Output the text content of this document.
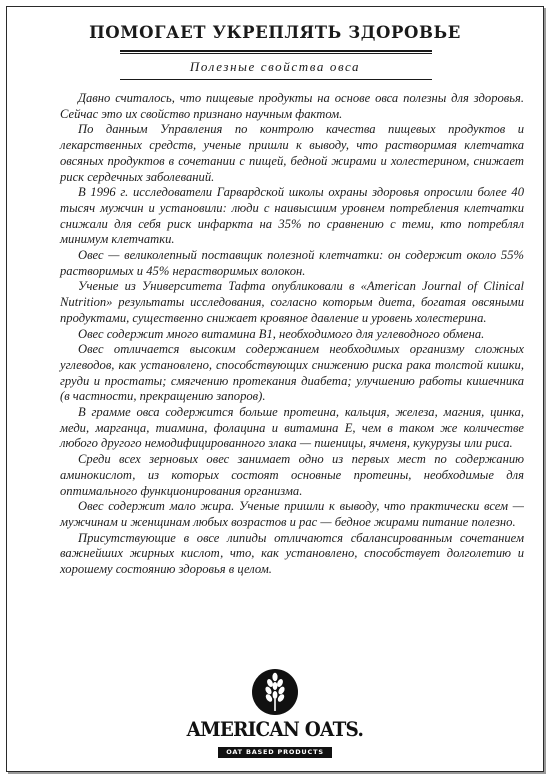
ПОМОГАЕТ УКРЕПЛЯТЬ ЗДОРОВЬЕ
Полезные свойства овса

Давно считалось, что пищевые продукты на основе овса полезны для здоровья. Сейчас это их свойство признано научным фактом.

По данным Управления по контролю качества пищевых продуктов и лекарственных средств, ученые пришли к выводу, что растворимая клетчатка овсяных продуктов в сочетании с пищей, бедной жирами и холестерином, снижает риск сердечных заболеваний.

В 1996 г. исследователи Гарвардской школы охраны здоровья опросили более 40 тысяч мужчин и установили: люди с наивысшим уровнем потребления клетчатки снижали для себя риск инфаркта на 35% по сравнению с теми, кто потреблял минимум клетчатки.

Овес — великолепный поставщик полезной клетчатки: он содержит около 55% растворимых и 45% нерастворимых волокон.

Ученые из Университета Тафта опубликовали в «American Journal of Clinical Nutrition» результаты исследования, согласно которым диета, богатая овсяными продуктами, существенно снижает кровяное давление и уровень холестерина.

Овес содержит много витамина B1, необходимого для углеводного обмена.

Овес отличается высоким содержанием необходимых организму сложных углеводов, как установлено, способствующих снижению риска рака толстой кишки, груди и простаты; смягчению протекания диабета; улучшению работы кишечника (в частности, прекращению запоров).

В грамме овса содержится больше протеина, кальция, железа, магния, цинка, меди, марганца, тиамина, фолацина и витамина E, чем в таком же количестве любого другого немодифицированного злака — пшеницы, ячменя, кукурузы или риса.

Среди всех зерновых овес занимает одно из первых мест по содержанию аминокислот, из которых состоят основные протеины, необходимые для оптимального функционирования организма.

Овес содержит мало жира. Ученые пришли к выводу, что практически всем — мужчинам и женщинам любых возрастов и рас — бедное жирами питание полезно.

Присутствующие в овсе липиды отличаются сбалансированным сочетанием важнейших жирных кислот, что, как установлено, способствует долголетию и хорошему состоянию здоровья в целом.

AMERICAN OATS.
OAT BASED PRODUCTS
